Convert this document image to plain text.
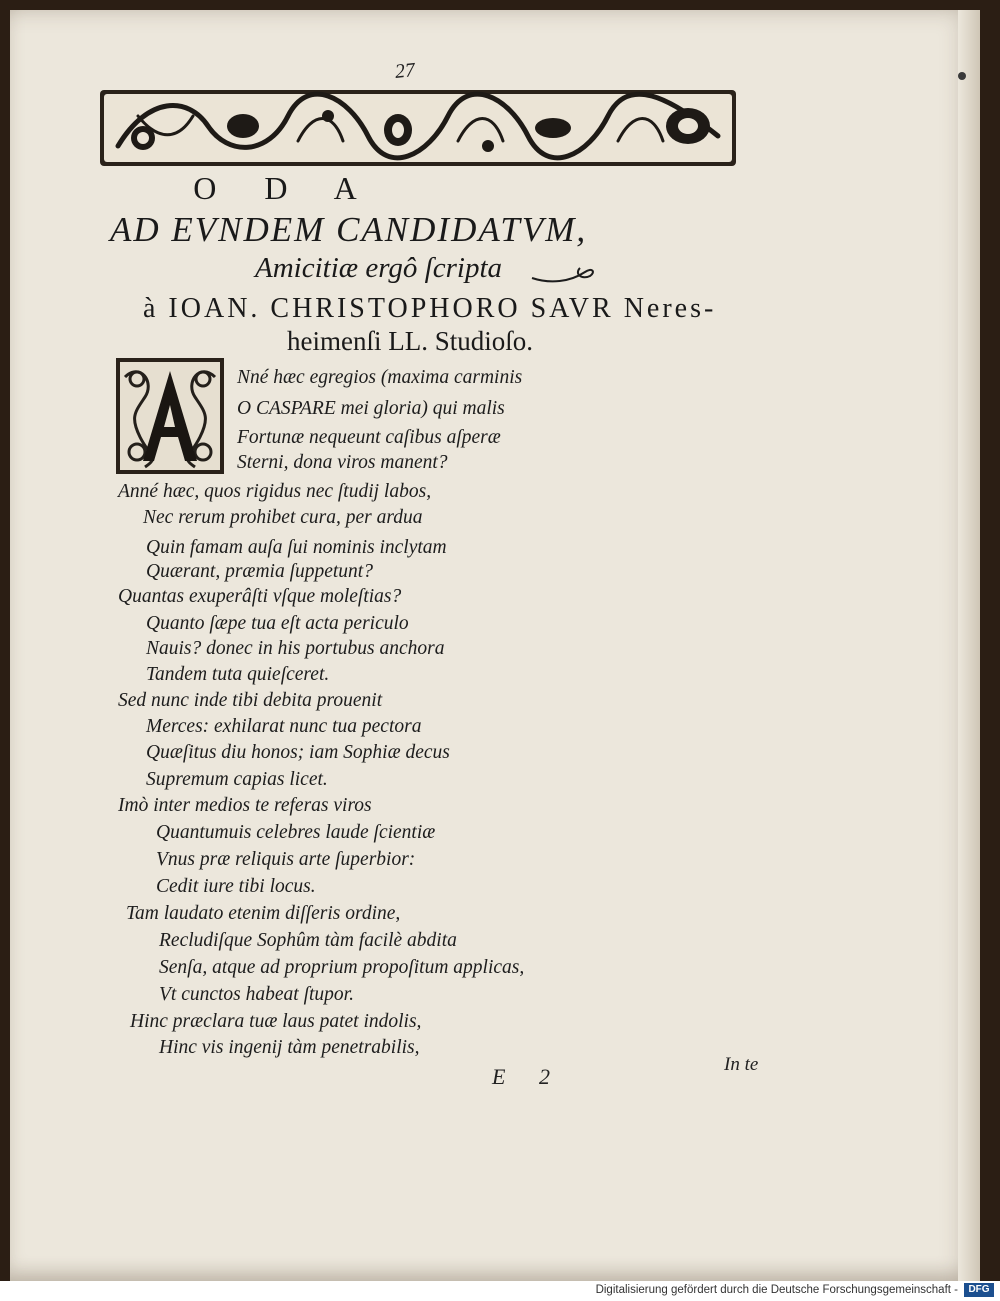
27
O D A
AD EVNDEM CANDIDATVM,
Amicitiæ ergô ſcripta
à IOAN. CHRISTOPHORO SAVR Neres-
heimenſi LL. Studioſo.
Nné hæc egregios (maxima carminis
O CASPARE mei gloria) qui malis
Fortunæ nequeunt caſibus aſperæ
Sterni, dona viros manent?
Anné hæc, quos rigidus nec ſtudij labos,
Nec rerum prohibet cura, per ardua
Quin famam auſa ſui nominis inclytam
Quærant, præmia ſuppetunt?
Quantas exuperâſti vſque moleſtias?
Quanto ſæpe tua eſt acta periculo
Nauis? donec in his portubus anchora
Tandem tuta quieſceret.
Sed nunc inde tibi debita prouenit
Merces: exhilarat nunc tua pectora
Quæſitus diu honos; iam Sophiæ decus
Supremum capias licet.
Imò inter medios te referas viros
Quantumuis celebres laude ſcientiæ
Vnus præ reliquis arte ſuperbior:
Cedit iure tibi locus.
Tam laudato etenim diſſeris ordine,
Recludiſque Sophûm tàm facilè abdita
Senſa, atque ad proprium propoſitum applicas,
Vt cunctos habeat ſtupor.
Hinc præclara tuæ laus patet indolis,
Hinc vis ingenij tàm penetrabilis,
E 2	In te
Digitalisierung gefördert durch die Deutsche Forschungsgemeinschaft -	DFG
